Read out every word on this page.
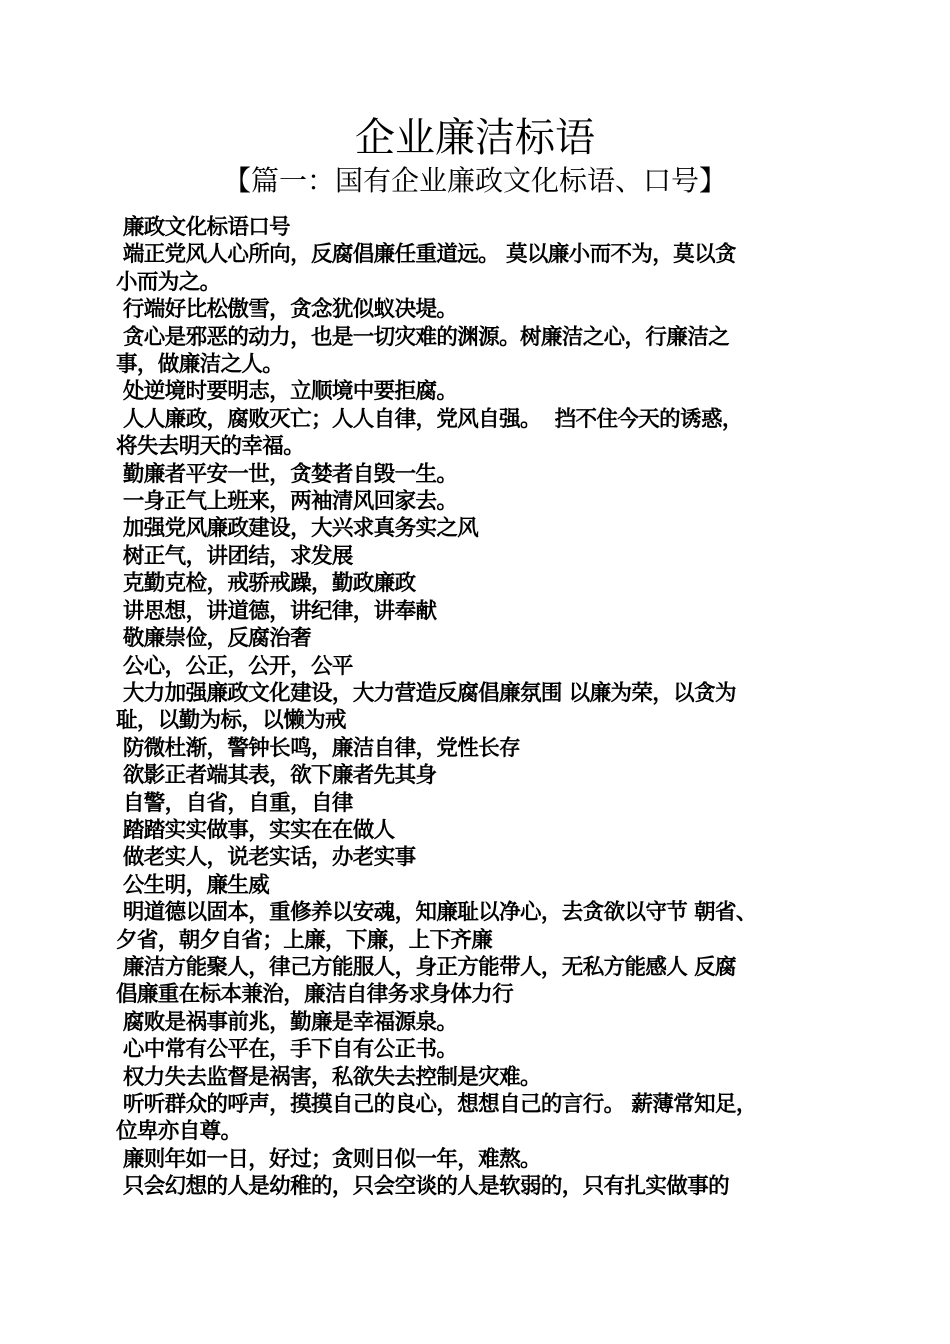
企业廉洁标语
【篇一：国有企业廉政文化标语、口号】

廉政文化标语口号

端正党风人心所向，反腐倡廉任重道远。 莫以廉小而不为，莫以贪

小而为之。

行端好比松傲雪，贪念犹似蚁决堤。

贪心是邪恶的动力，也是一切灾难的渊源。树廉洁之心，行廉洁之

事，做廉洁之人。

处逆境时要明志，立顺境中要拒腐。

人人廉政，腐败灭亡；人人自律，党风自强。  挡不住今天的诱惑，

将失去明天的幸福。

勤廉者平安一世，贪婪者自毁一生。

一身正气上班来，两袖清风回家去。

加强党风廉政建设，大兴求真务实之风

树正气，讲团结，求发展

克勤克检，戒骄戒躁，勤政廉政

讲思想，讲道德，讲纪律，讲奉献

敬廉崇俭，反腐治奢

公心，公正，公开，公平

大力加强廉政文化建设，大力营造反腐倡廉氛围 以廉为荣，以贪为

耻，以勤为标，以懒为戒

防微杜渐，警钟长鸣，廉洁自律，党性长存

欲影正者端其表，欲下廉者先其身

自警，自省，自重，自律

踏踏实实做事，实实在在做人

做老实人，说老实话，办老实事

公生明，廉生威

明道德以固本，重修养以安魂，知廉耻以净心，去贪欲以守节 朝省、

夕省，朝夕自省；上廉，下廉，上下齐廉

廉洁方能聚人，律己方能服人，身正方能带人，无私方能感人 反腐

倡廉重在标本兼治，廉洁自律务求身体力行

腐败是祸事前兆，勤廉是幸福源泉。

心中常有公平在，手下自有公正书。

权力失去监督是祸害，私欲失去控制是灾难。

听听群众的呼声，摸摸自己的良心，想想自己的言行。 薪薄常知足，

位卑亦自尊。

廉则年如一日，好过；贪则日似一年，难熬。

只会幻想的人是幼稚的，只会空谈的人是软弱的，只有扎实做事的
